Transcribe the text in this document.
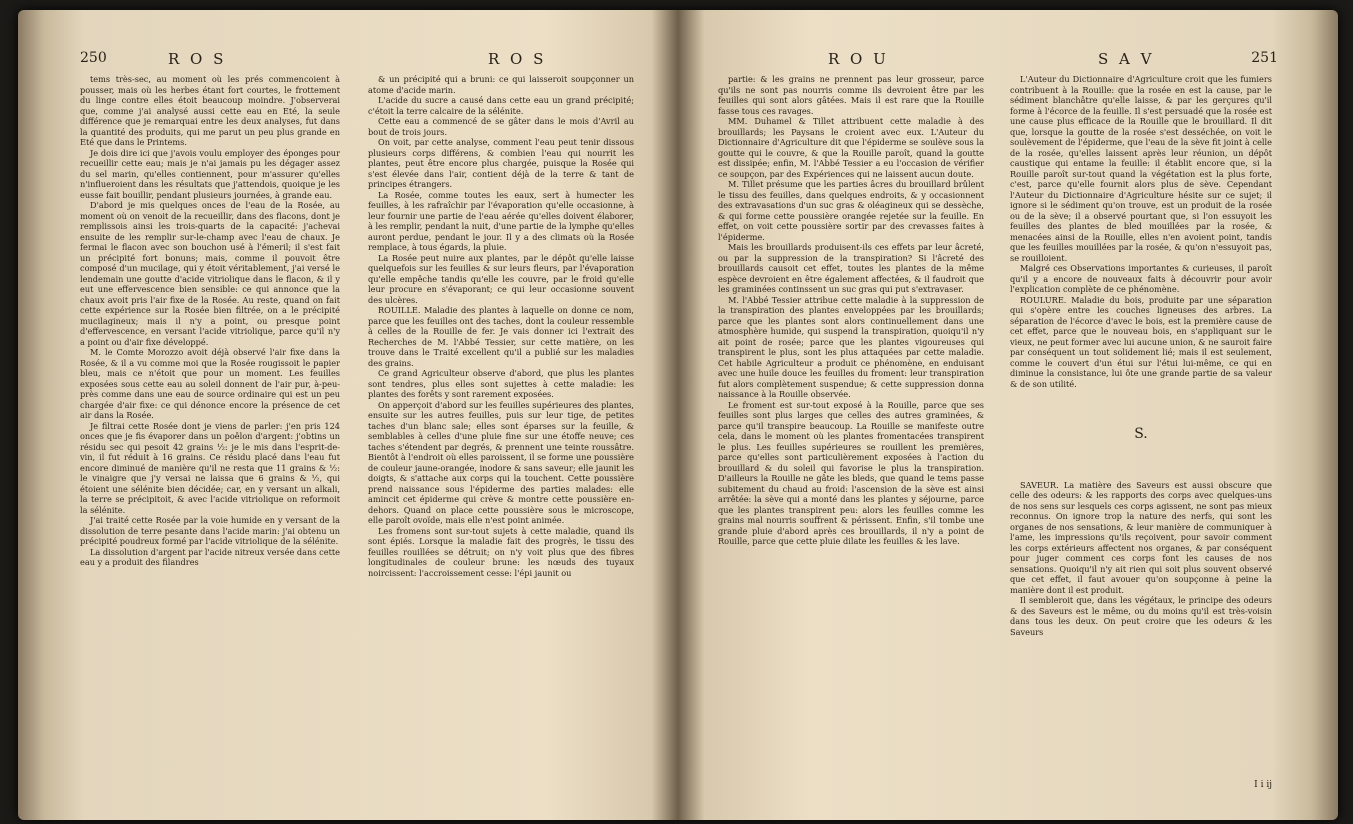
250	R O S	R O S

tems très-sec, au moment où les prés commencoient à pousser, mais où les herbes étant fort courtes, le frottement du linge contre elles étoit beaucoup moindre. J'observerai que, comme j'ai analysé aussi cette eau en Eté, la seule différence que je remarquai entre les deux analyses, fut dans la quantité des produits, qui me parut un peu plus grande en Eté que dans le Printems.

Je dois dire ici que j'avois voulu employer des éponges pour recueillir cette eau; mais je n'ai jamais pu les dégager assez du sel marin, qu'elles contiennent, pour m'assurer qu'elles n'influeroient dans les résultats que j'attendois, quoique je les eusse fait bouillir, pendant plusieurs journées, à grande eau.

D'abord je mis quelques onces de l'eau de la Rosée, au moment où on venoit de la recueillir, dans des flacons, dont je remplissois ainsi les trois-quarts de la capacité: j'achevai ensuite de les remplir sur-le-champ avec l'eau de chaux. Je fermai le flacon avec son bouchon usé à l'émeril; il s'est fait un précipité fort bonuns; mais, comme il pouvoit être composé d'un mucilage, qui y étoit véritablement, j'ai versé le lendemain une goutte d'acide vitriolique dans le flacon, & il y eut une effervescence bien sensible: ce qui annonce que la chaux avoit pris l'air fixe de la Rosée. Au reste, quand on fait cette expérience sur la Rosée bien filtrée, on a le précipité mucilagineux; mais il n'y a point, ou presque point d'effervescence, en versant l'acide vitriolique, parce qu'il n'y a point ou d'air fixe développé.

M. le Comte Morozzo avoit déjà observé l'air fixe dans la Rosée, & il a vu comme moi que la Rosée rougissoit le papier bleu, mais ce n'étoit que pour un moment. Les feuilles exposées sous cette eau au soleil donnent de l'air pur, à-peu-près comme dans une eau de source ordinaire qui est un peu chargée d'air fixe: ce qui dénonce encore la présence de cet air dans la Rosée.

Je filtrai cette Rosée dont je viens de parler: j'en pris 124 onces que je fis évaporer dans un poêlon d'argent: j'obtins un résidu sec qui pesoit 42 grains ½: je le mis dans l'esprit-de-vin, il fut réduit à 16 grains. Ce résidu placé dans l'eau fut encore diminué de manière qu'il ne resta que 11 grains & ½: le vinaigre que j'y versai ne laissa que 6 grains & ½, qui étoient une sélénite bien décidée; car, en y versant un alkali, la terre se précipitoit, & avec l'acide vitriolique on reformoit la sélénite.

J'ai traité cette Rosée par la voie humide en y versant de la dissolution de terre pesante dans l'acide marin: j'ai obtenu un précipité poudreux formé par l'acide vitriolique de la sélénite.

La dissolution d'argent par l'acide nitreux versée dans cette eau y a produit des filandres

& un précipité qui a bruni: ce qui laisseroit soupçonner un atome d'acide marin.

L'acide du sucre a causé dans cette eau un grand précipité; c'étoit la terre calcaire de la sélénite.

Cette eau a commencé de se gâter dans le mois d'Avril au bout de trois jours.

On voit, par cette analyse, comment l'eau peut tenir dissous plusieurs corps différens, & combien l'eau qui nourrit les plantes, peut être encore plus chargée, puisque la Rosée qui s'est élevée dans l'air, contient déjà de la terre & tant de principes étrangers.

La Rosée, comme toutes les eaux, sert à humecter les feuilles, à les rafraîchir par l'évaporation qu'elle occasionne, à leur fournir une partie de l'eau aérée qu'elles doivent élaborer, à les remplir, pendant la nuit, d'une partie de la lymphe qu'elles auront perdue, pendant le jour. Il y a des climats où la Rosée remplace, à tous égards, la pluie.

La Rosée peut nuire aux plantes, par le dépôt qu'elle laisse quelquefois sur les feuilles & sur leurs fleurs, par l'évaporation qu'elle empêche tandis qu'elle les couvre, par le froid qu'elle leur procure en s'évaporant; ce qui leur occasionne souvent des ulcères.

ROUILLE. Maladie des plantes à laquelle on donne ce nom, parce que les feuilles ont des taches, dont la couleur ressemble à celles de la Rouille de fer. Je vais donner ici l'extrait des Recherches de M. l'Abbé Tessier, sur cette matière, on les trouve dans le Traité excellent qu'il a publié sur les maladies des grains.

Ce grand Agriculteur observe d'abord, que plus les plantes sont tendres, plus elles sont sujettes à cette maladie: les plantes des forêts y sont rarement exposées.

On apperçoit d'abord sur les feuilles supérieures des plantes, ensuite sur les autres feuilles, puis sur leur tige, de petites taches d'un blanc sale; elles sont éparses sur la feuille, & semblables à celles d'une pluie fine sur une étoffe neuve; ces taches s'étendent par degrés, & prennent une teinte roussâtre. Bientôt à l'endroit où elles paroissent, il se forme une poussière de couleur jaune-orangée, inodore & sans saveur; elle jaunit les doigts, & s'attache aux corps qui la touchent. Cette poussière prend naissance sous l'épiderme des parties malades: elle amincit cet épiderme qui crève & montre cette poussière en-dehors. Quand on place cette poussière sous le microscope, elle paroît ovoïde, mais elle n'est point animée.

Les fromens sont sur-tout sujets à cette maladie, quand ils sont épiés. Lorsque la maladie fait des progrès, le tissu des feuilles rouillées se détruit; on n'y voit plus que des fibres longitudinales de couleur brune: les nœuds des tuyaux noircissent: l'accroissement cesse: l'épi jaunit ou

R O U	S A V	251

partie: & les grains ne prennent pas leur grosseur, parce qu'ils ne sont pas nourris comme ils devroient être par les feuilles qui sont alors gâtées. Mais il est rare que la Rouille fasse tous ces ravages.

MM. Duhamel & Tillet attribuent cette maladie à des brouillards; les Paysans le croient avec eux. L'Auteur du Dictionnaire d'Agriculture dit que l'épiderme se soulève sous la goutte qui le couvre, & que la Rouille paroît, quand la goutte est dissipée; enfin, M. l'Abbé Tessier a eu l'occasion de vérifier ce soupçon, par des Expériences qui ne laissent aucun doute.

M. Tillet présume que les parties âcres du brouillard brûlent le tissu des feuilles, dans quelques endroits, & y occasionnent des extravasations d'un suc gras & oléagineux qui se dessèche, & qui forme cette poussière orangée rejetée sur la feuille. En effet, on voit cette poussière sortir par des crevasses faites à l'épiderme.

Mais les brouillards produisent-ils ces effets par leur âcreté, ou par la suppression de la transpiration? Si l'âcreté des brouillards causoit cet effet, toutes les plantes de la même espèce devroient en être également affectées, & il faudroit que les graminées continssent un suc gras qui put s'extravaser.

M. l'Abbé Tessier attribue cette maladie à la suppression de la transpiration des plantes enveloppées par les brouillards; parce que les plantes sont alors continuellement dans une atmosphère humide, qui suspend la transpiration, quoiqu'il n'y ait point de rosée; parce que les plantes vigoureuses qui transpirent le plus, sont les plus attaquées par cette maladie. Cet habile Agriculteur a produit ce phénomène, en enduisant avec une huile douce les feuilles du froment: leur transpiration fut alors complètement suspendue; & cette suppression donna naissance à la Rouille observée.

Le froment est sur-tout exposé à la Rouille, parce que ses feuilles sont plus larges que celles des autres graminées, & parce qu'il transpire beaucoup. La Rouille se manifeste outre cela, dans le moment où les plantes fromentacées transpirent le plus. Les feuilles supérieures se rouillent les premières, parce qu'elles sont particulièrement exposées à l'action du brouillard & du soleil qui favorise le plus la transpiration. D'ailleurs la Rouille ne gâte les bleds, que quand le tems passe subitement du chaud au froid: l'ascension de la sève est ainsi arrêtée: la sève qui a monté dans les plantes y séjourne, parce que les plantes transpirent peu: alors les feuilles comme les grains mal nourris souffrent & périssent. Enfin, s'il tombe une grande pluie d'abord après ces brouillards, il n'y a point de Rouille, parce que cette pluie dilate les feuilles & les lave.

L'Auteur du Dictionnaire d'Agriculture croit que les fumiers contribuent à la Rouille: que la rosée en est la cause, par le sédiment blanchâtre qu'elle laisse, & par les gerçures qu'il forme à l'écorce de la feuille. Il s'est persuadé que la rosée est une cause plus efficace de la Rouille que le brouillard. Il dit que, lorsque la goutte de la rosée s'est desséchée, on voit le soulèvement de l'épiderme, que l'eau de la sève fit joint à celle de la rosée, qu'elles laissent après leur réunion, un dépôt caustique qui entame la feuille: il établit encore que, si la Rouille paroît sur-tout quand la végétation est la plus forte, c'est, parce qu'elle fournit alors plus de sève. Cependant l'Auteur du Dictionnaire d'Agriculture hésite sur ce sujet; il ignore si le sédiment qu'on trouve, est un produit de la rosée ou de la sève; il a observé pourtant que, si l'on essuyoit les feuilles des plantes de bled mouillées par la rosée, & menacées ainsi de la Rouille, elles n'en avoient point, tandis que les feuilles mouillées par la rosée, & qu'on n'essuyoit pas, se rouilloient.

Malgré ces Observations importantes & curieuses, il paroît qu'il y a encore de nouveaux faits à découvrir pour avoir l'explication complète de ce phénomène.

ROULURE. Maladie du bois, produite par une séparation qui s'opère entre les couches ligneuses des arbres. La séparation de l'écorce d'avec le bois, est la première cause de cet effet, parce que le nouveau bois, en s'appliquant sur le vieux, ne peut former avec lui aucune union, & ne sauroit faire par conséquent un tout solidement lié; mais il est seulement, comme le couvert d'un étui sur l'étui lui-même, ce qui en diminue la consistance, lui ôte une grande partie de sa valeur & de son utilité.

S.

SAVEUR. La matière des Saveurs est aussi obscure que celle des odeurs: & les rapports des corps avec quelques-uns de nos sens sur lesquels ces corps agissent, ne sont pas mieux reconnus. On ignore trop la nature des nerfs, qui sont les organes de nos sensations, & leur manière de communiquer à l'ame, les impressions qu'ils reçoivent, pour savoir comment les corps extérieurs affectent nos organes, & par conséquent pour juger comment ces corps font les causes de nos sensations. Quoiqu'il n'y ait rien qui soit plus souvent observé que cet effet, il faut avouer qu'on soupçonne à peine la manière dont il est produit.

Il sembleroit que, dans les végétaux, le principe des odeurs & des Saveurs est le même, ou du moins qu'il est très-voisin dans tous les deux. On peut croire que les odeurs & les Saveurs

I i ij
